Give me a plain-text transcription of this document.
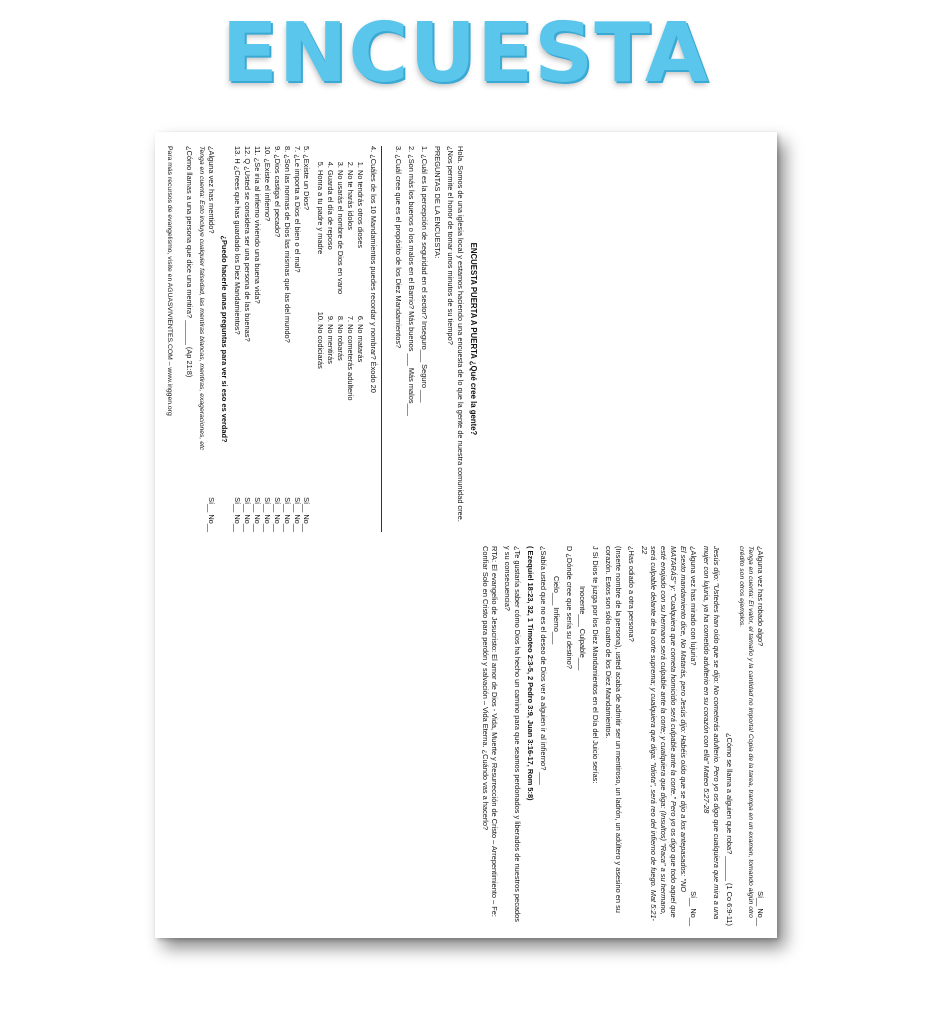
ENCUESTA

ENCUESTA PUERTA A PUERTA ¿Qué cree la gente?

Hola. Somos de una iglesia local y estamos haciendo una encuesta de lo que la gente de nuestra comunidad cree. ¿Nos permite el honor de tomar unos minutos de su tiempo?

PREGUNTAS DE LA ENCUESTA:

1. ¿Cuál es la percepción de seguridad en el sector? Inseguro___ Seguro ___

2. ¿Son más los buenos o los malos en el Barrio? Más buenos ___ Más malos___

3. ¿Cuál cree que es el propósito de los Diez Mandamientos?

4. ¿Cuáles de los 10 Mandamientos puedes recordar y nombrar? Éxodo 20

1. No tendrás otros dioses
2. No te harás ídolos
3. No usarás el nombre de Dios en vano
4. Guarda el día de reposo
5. Honra a tu padre y madre
6. No matarás
7. No cometerás adulterio
8. No robarás
9. No mentirás
10. No codiciarás
5. ¿Existe un Dios?
Sí__ No__
7. ¿Le importa a Dios el bien o el mal?
Sí__ No__
8. ¿Son las normas de Dios las mismas que las del mundo?
Sí__ No__
9. ¿Dios castiga el pecado?
Sí__ No__
10. ¿Existe el infierno?
Sí__ No__
11. ¿Se iría al infierno viviendo una buena vida?
Sí__ No__
12. Q ¿Usted se considera ser una persona de las buenas?
Sí__ No__
13. H ¿Crees que has guardado los Diez Mandamientos?
Sí__ No__

¿Puedo hacerle unas preguntas para ver si eso es verdad?

¿Alguna vez has mentido?
Sí__ No__

Tenga en cuenta: Esto incluye cualquier falsedad, las mentiras blancas, mentiras, exageraciones, etc

¿Cómo llamas a una persona que dice una mentira? ______ (Ap 21:8)

Para más recursos de evangelismo, visite en AGUASVIVIENTES.COM – www.inggen.org

¿Alguna vez has robado algo?
Sí__ No__

Tenga en cuenta: El valor, el tamaño y la cantidad no importa! Copia de la tarea, trampa en un examen, tomando algún otro crédito son otros ejemplos.

¿Cómo se llama a alguien que roba? ______ (1 Co 6:9-11)

Jesús dijo: "Ustedes han oído que se dijo: No cometerás adulterio. Pero yo os digo que cualquiera que mira a una mujer con lujuria, ya ha cometido adulterio en su corazón con ella" Mateo 5:27-28

¿Alguna vez has mirado con lujuria?
Sí__ No__

El sexto mandamiento dice, No Matarás, pero Jesús dijo: Habéis oído que se dijo a los antepasados: "NO MATARÁS" y: "Cualquiera que cometa homicidio será culpable ante la corte." Pero yo os digo que todo aquel que esté enojado con su hermano será culpable ante la corte; y cualquiera que diga: (Insultos) "Raca" a su hermano, será culpable delante de la corte suprema; y cualquiera que diga: "Idiota", será reo del infierno de fuego. Mat 5:21-22

¿Has odiado a otra persona?

(Inserte nombre de la persona), usted acaba de admitir ser un mentiroso, un ladrón, un adúltero y asesino en su corazón. Estos son sólo cuatro de los Diez Mandamientos.

J Si Dios te juzga por los Diez Mandamientos en el Día del Juicio serías:

Inocente___ Culpable___

D ¿Dónde cree que sería su destino?

Cielo___ Infierno___

¿Sabía usted que no es el deseo de Dios ver a alguien ir al infierno? ___

( Ezequiel 18:23, 32, 1 Timoteo 2:3-5, 2 Pedro 3:9, Juan 3:16-17, Rom 5:8)

¿Te gustaría saber cómo Dios ha hecho un camino para que seamos perdonados y liberados de nuestros pecados y su consecuencia?

RTA: El evangelio de Jesucristo: El amor de Dios - Vida, Muerte y Resurrección de Cristo – Arrepentimiento – Fe: Confiar Solo en Cristo para perdón y salvación – Vida Eterna. ¿Cuándo vas a hacerlo?
